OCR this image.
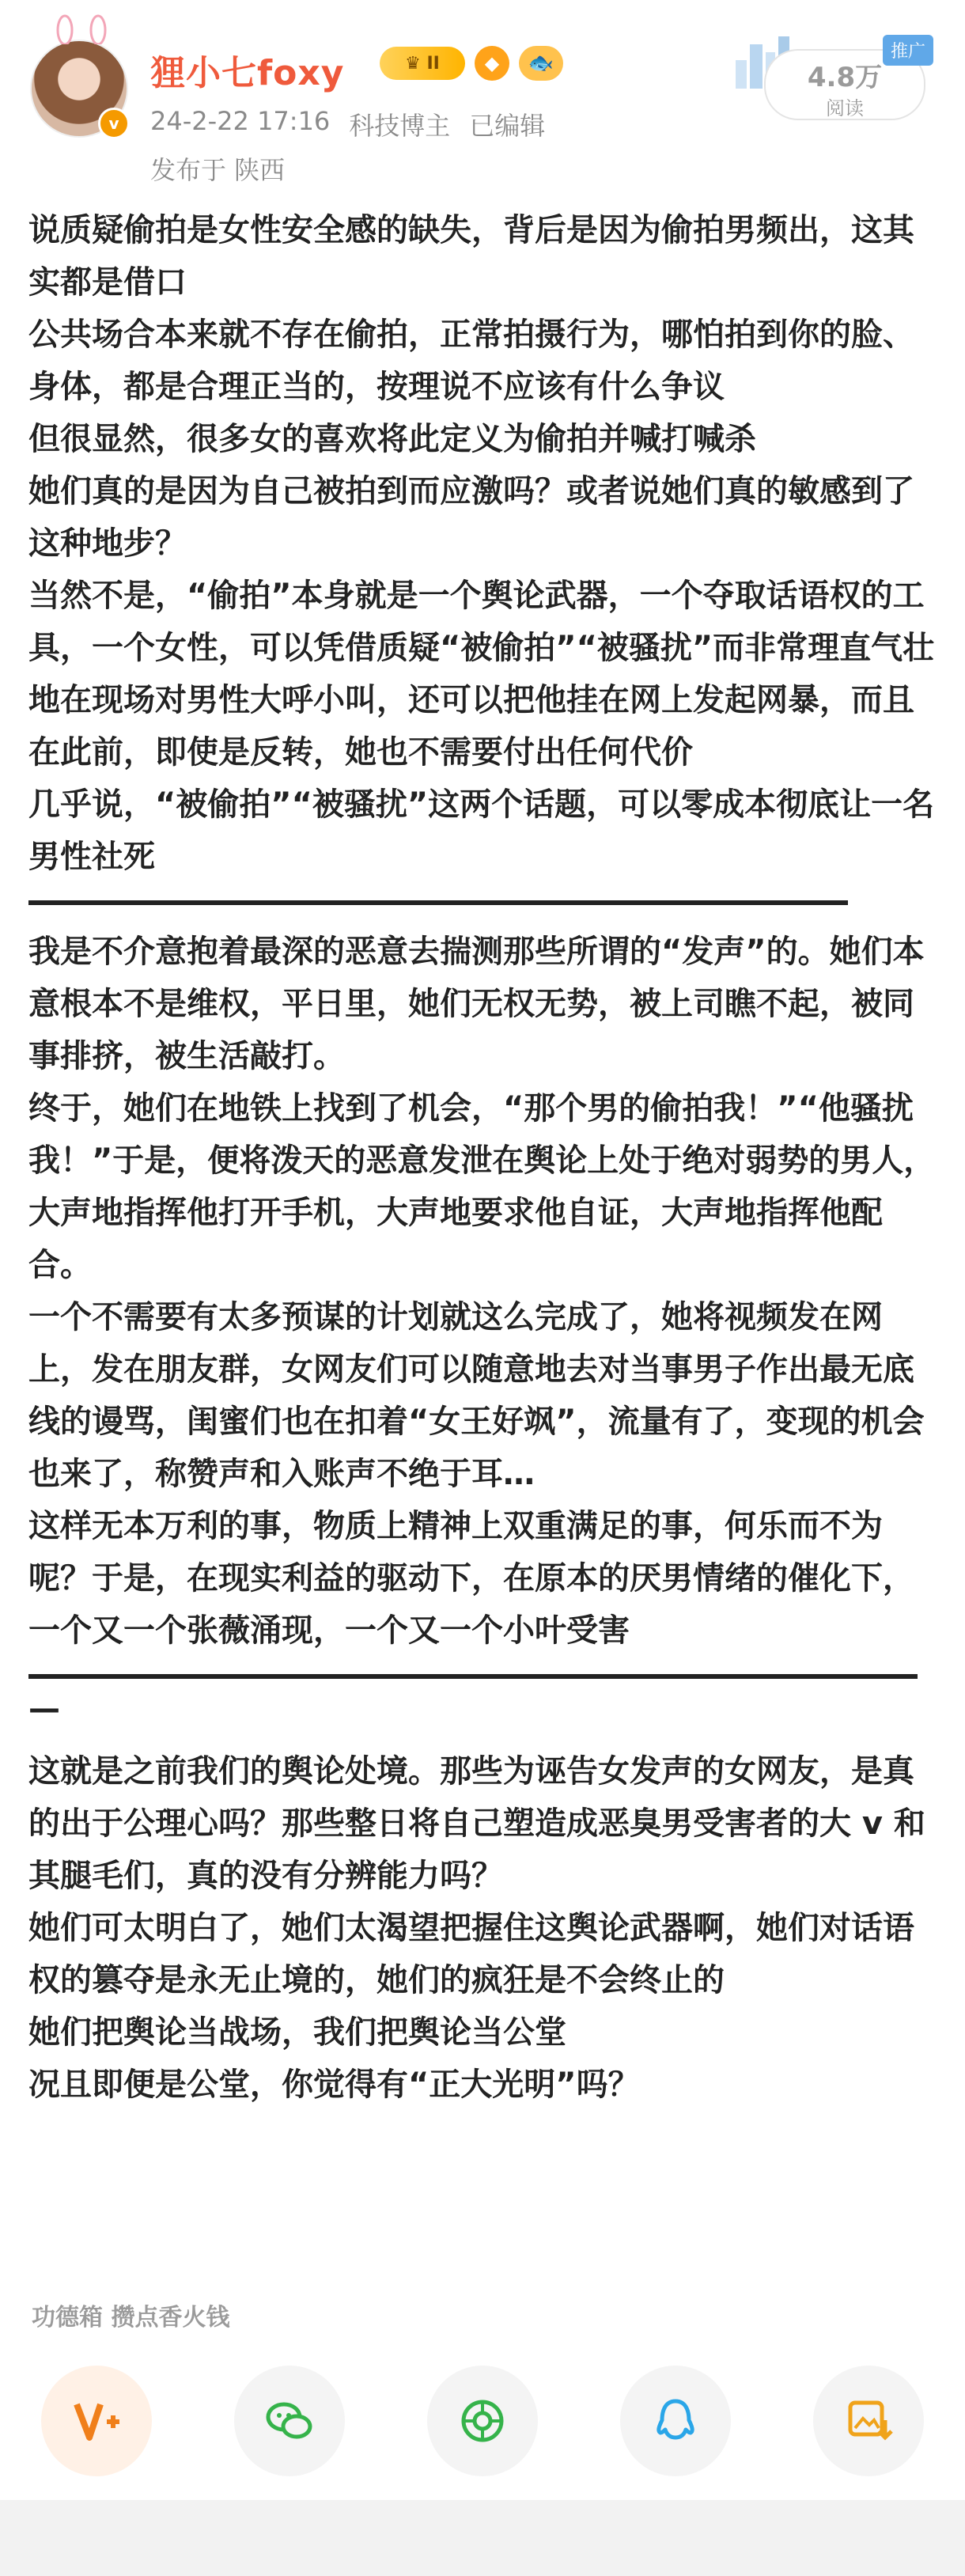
v
狸小七foxy	♛ II	◆	🐟
24-2-22 17:16 科技博主 已编辑
发布于 陕西
4.8万
阅读
推广

说质疑偷拍是女性安全感的缺失，背后是因为偷拍男频出，这其实都是借口

公共场合本来就不存在偷拍，正常拍摄行为，哪怕拍到你的脸、身体，都是合理正当的，按理说不应该有什么争议

但很显然，很多女的喜欢将此定义为偷拍并喊打喊杀

她们真的是因为自己被拍到而应激吗？或者说她们真的敏感到了这种地步？

当然不是，“偷拍”本身就是一个舆论武器，一个夺取话语权的工具，一个女性，可以凭借质疑“被偷拍”“被骚扰”而非常理直气壮地在现场对男性大呼小叫，还可以把他挂在网上发起网暴，而且在此前，即使是反转，她也不需要付出任何代价

几乎说，“被偷拍”“被骚扰”这两个话题，可以零成本彻底让一名男性社死

我是不介意抱着最深的恶意去揣测那些所谓的“发声”的。她们本意根本不是维权，平日里，她们无权无势，被上司瞧不起，被同事排挤，被生活敲打。

终于，她们在地铁上找到了机会，“那个男的偷拍我！”“他骚扰我！”于是，便将泼天的恶意发泄在舆论上处于绝对弱势的男人，大声地指挥他打开手机，大声地要求他自证，大声地指挥他配合。

一个不需要有太多预谋的计划就这么完成了，她将视频发在网上，发在朋友群，女网友们可以随意地去对当事男子作出最无底线的谩骂，闺蜜们也在扣着“女王好飒”，流量有了，变现的机会也来了，称赞声和入账声不绝于耳…

这样无本万利的事，物质上精神上双重满足的事，何乐而不为呢？于是，在现实利益的驱动下，在原本的厌男情绪的催化下，一个又一个张薇涌现，一个又一个小叶受害

—

这就是之前我们的舆论处境。那些为诬告女发声的女网友，是真的出于公理心吗？那些整日将自己塑造成恶臭男受害者的大 v 和其腿毛们，真的没有分辨能力吗？

她们可太明白了，她们太渴望把握住这舆论武器啊，她们对话语权的篡夺是永无止境的，她们的疯狂是不会终止的

她们把舆论当战场，我们把舆论当公堂

况且即便是公堂，你觉得有“正大光明”吗？

功德箱 攒点香火钱
